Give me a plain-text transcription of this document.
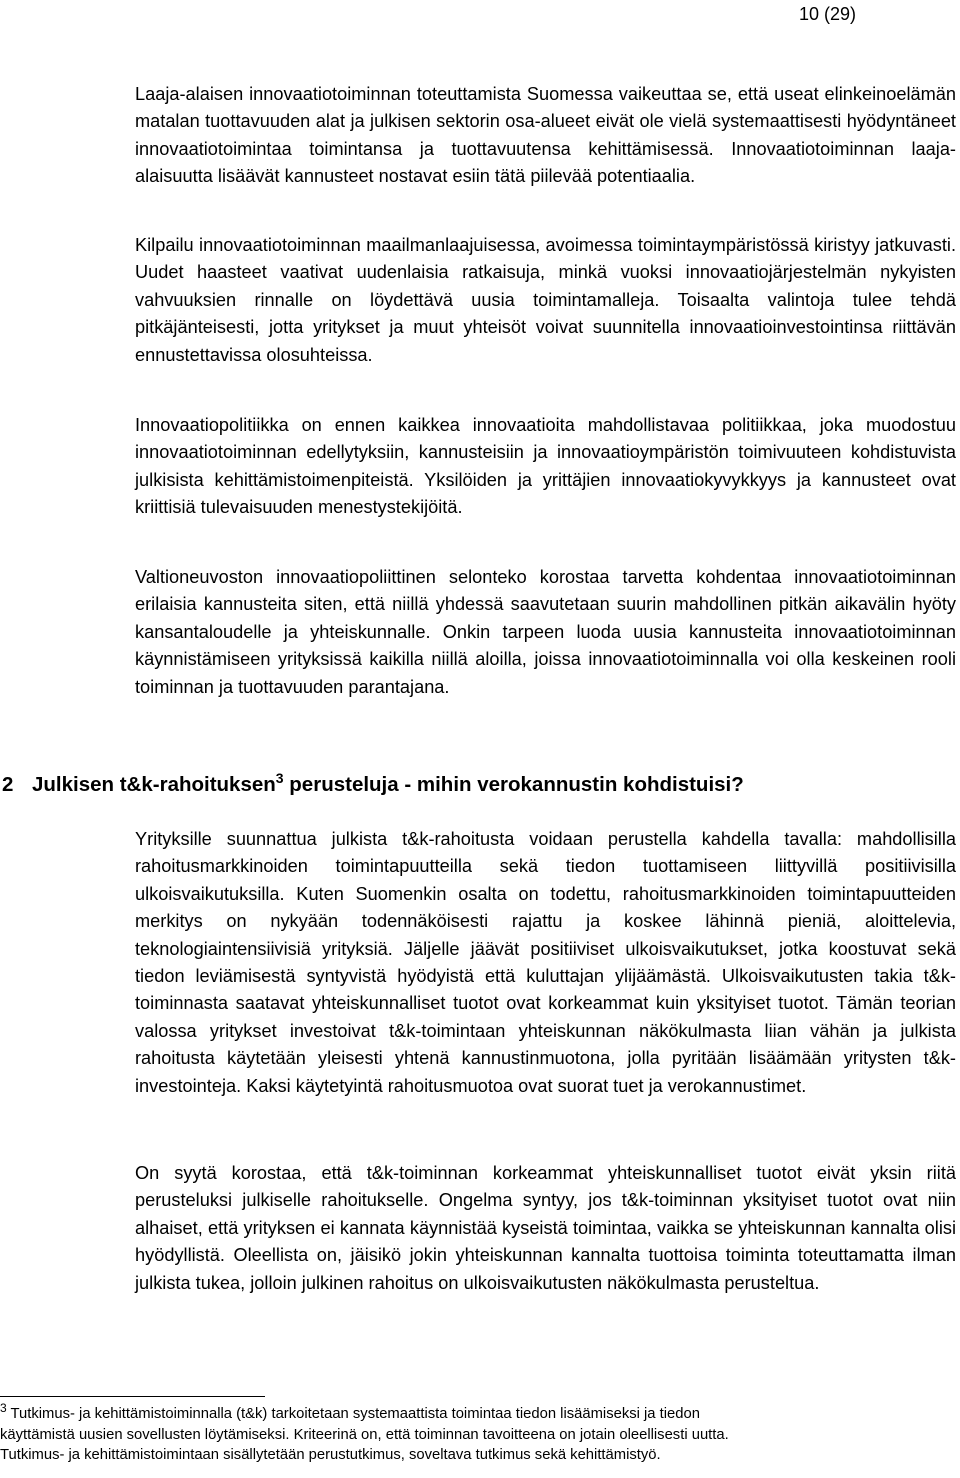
10 (29)

Laaja-alaisen innovaatiotoiminnan toteuttamista Suomessa vaikeuttaa se, että useat elinkeinoelämän matalan tuottavuuden alat ja julkisen sektorin osa-alueet eivät ole vielä systemaattisesti hyödyntäneet innovaatiotoimintaa toimintansa ja tuottavuutensa kehittämisessä. Innovaatiotoiminnan laaja-alaisuutta lisäävät kannusteet nostavat esiin tätä piilevää potentiaalia.

Kilpailu innovaatiotoiminnan maailmanlaajuisessa, avoimessa toimintaympäristössä kiristyy jatkuvasti. Uudet haasteet vaativat uudenlaisia ratkaisuja, minkä vuoksi innovaatiojärjestelmän nykyisten vahvuuksien rinnalle on löydettävä uusia toimintamalleja. Toisaalta valintoja tulee tehdä pitkäjänteisesti, jotta yritykset ja muut yhteisöt voivat suunnitella innovaatioinvestointinsa riittävän ennustettavissa olosuhteissa.

Innovaatiopolitiikka on ennen kaikkea innovaatioita mahdollistavaa politiikkaa, joka muodostuu innovaatiotoiminnan edellytyksiin, kannusteisiin ja innovaatioympäristön toimivuuteen kohdistuvista julkisista kehittämistoimenpiteistä. Yksilöiden ja yrittäjien innovaatiokyvykkyys ja kannusteet ovat kriittisiä tulevaisuuden menestystekijöitä.

Valtioneuvoston innovaatiopoliittinen selonteko korostaa tarvetta kohdentaa innovaatiotoiminnan erilaisia kannusteita siten, että niillä yhdessä saavutetaan suurin mahdollinen pitkän aikavälin hyöty kansantaloudelle ja yhteiskunnalle. Onkin tarpeen luoda uusia kannusteita innovaatiotoiminnan käynnistämiseen yrityksissä kaikilla niillä aloilla, joissa innovaatiotoiminnalla voi olla keskeinen rooli toiminnan ja tuottavuuden parantajana.

2 Julkisen t&k-rahoituksen$^3$ perusteluja - mihin verokannustin kohdistuisi?

Yrityksille suunnattua julkista t&k-rahoitusta voidaan perustella kahdella tavalla: mahdollisilla rahoitusmarkkinoiden toimintapuutteilla sekä tiedon tuottamiseen liittyvillä positiivisilla ulkoisvaikutuksilla. Kuten Suomenkin osalta on todettu, rahoitusmarkkinoiden toimintapuutteiden merkitys on nykyään todennäköisesti rajattu ja koskee lähinnä pieniä, aloittelevia, teknologiaintensiivisiä yrityksiä. Jäljelle jäävät positiiviset ulkoisvaikutukset, jotka koostuvat sekä tiedon leviämisestä syntyvistä hyödyistä että kuluttajan ylijäämästä. Ulkoisvaikutusten takia t&k-toiminnasta saatavat yhteiskunnalliset tuotot ovat korkeammat kuin yksityiset tuotot. Tämän teorian valossa yritykset investoivat t&k-toimintaan yhteiskunnan näkökulmasta liian vähän ja julkista rahoitusta käytetään yleisesti yhtenä kannustinmuotona, jolla pyritään lisäämään yritysten t&k-investointeja. Kaksi käytetyintä rahoitusmuotoa ovat suorat tuet ja verokannustimet.

On syytä korostaa, että t&k-toiminnan korkeammat yhteiskunnalliset tuotot eivät yksin riitä perusteluksi julkiselle rahoitukselle. Ongelma syntyy, jos t&k-toiminnan yksityiset tuotot ovat niin alhaiset, että yrityksen ei kannata käynnistää kyseistä toimintaa, vaikka se yhteiskunnan kannalta olisi hyödyllistä. Oleellista on, jäisikö jokin yhteiskunnan kannalta tuottoisa toiminta toteuttamatta ilman julkista tukea, jolloin julkinen rahoitus on ulkoisvaikutusten näkökulmasta perusteltua.

$^3$ Tutkimus- ja kehittämistoiminnalla (t&k) tarkoitetaan systemaattista toimintaa tiedon lisäämiseksi ja tiedon
käyttämistä uusien sovellusten löytämiseksi. Kriteerinä on, että toiminnan tavoitteena on jotain oleellisesti uutta.
Tutkimus- ja kehittämistoimintaan sisällytetään perustutkimus, soveltava tutkimus sekä kehittämistyö.
